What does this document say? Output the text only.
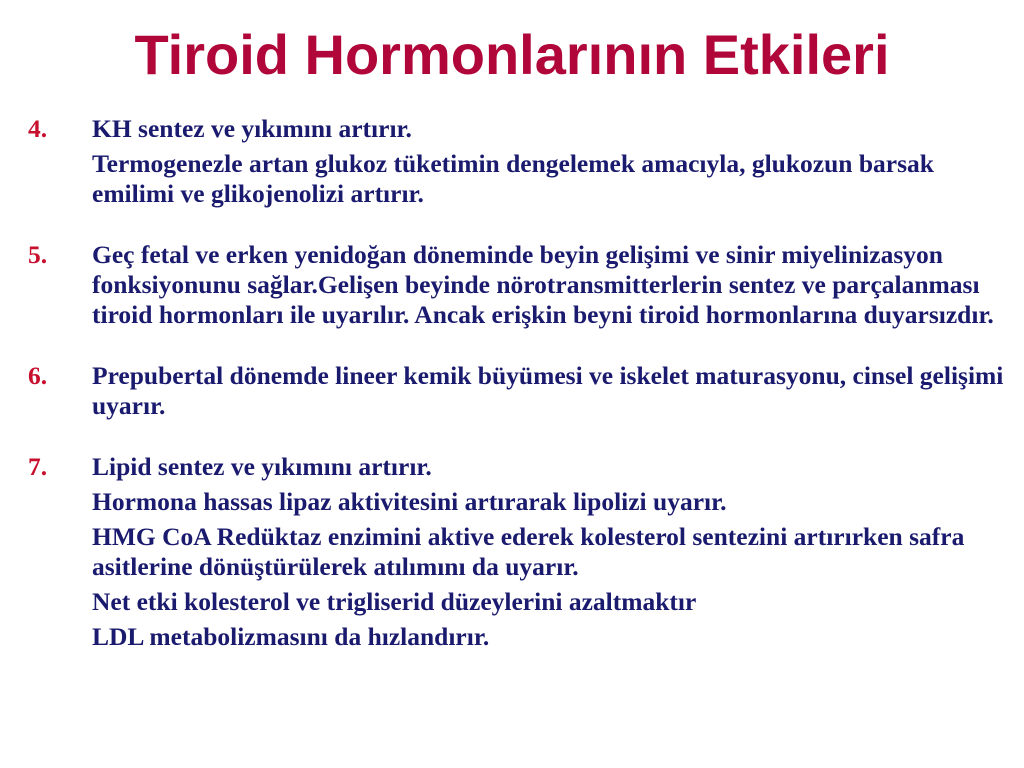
Tiroid Hormonlarının Etkileri
4. KH sentez ve yıkımını artırır.

Termogenezle artan glukoz tüketimin dengelemek amacıyla, glukozun barsak emilimi ve glikojenolizi artırır.

5. Geç fetal ve erken yenidoğan döneminde beyin gelişimi ve sinir miyelinizasyon fonksiyonunu sağlar.Gelişen beyinde nörotransmitterlerin sentez ve parçalanması tiroid hormonları ile uyarılır. Ancak erişkin beyni tiroid hormonlarına duyarsızdır.

6. Prepubertal dönemde lineer kemik büyümesi ve iskelet maturasyonu, cinsel gelişimi uyarır.

7. Lipid sentez ve yıkımını artırır.

Hormona hassas lipaz aktivitesini artırarak lipolizi uyarır.

HMG CoA Redüktaz enzimini aktive ederek kolesterol sentezini artırırken safra asitlerine dönüştürülerek atılımını da uyarır.

Net etki kolesterol ve trigliserid düzeylerini azaltmaktır

LDL metabolizmasını da hızlandırır.
